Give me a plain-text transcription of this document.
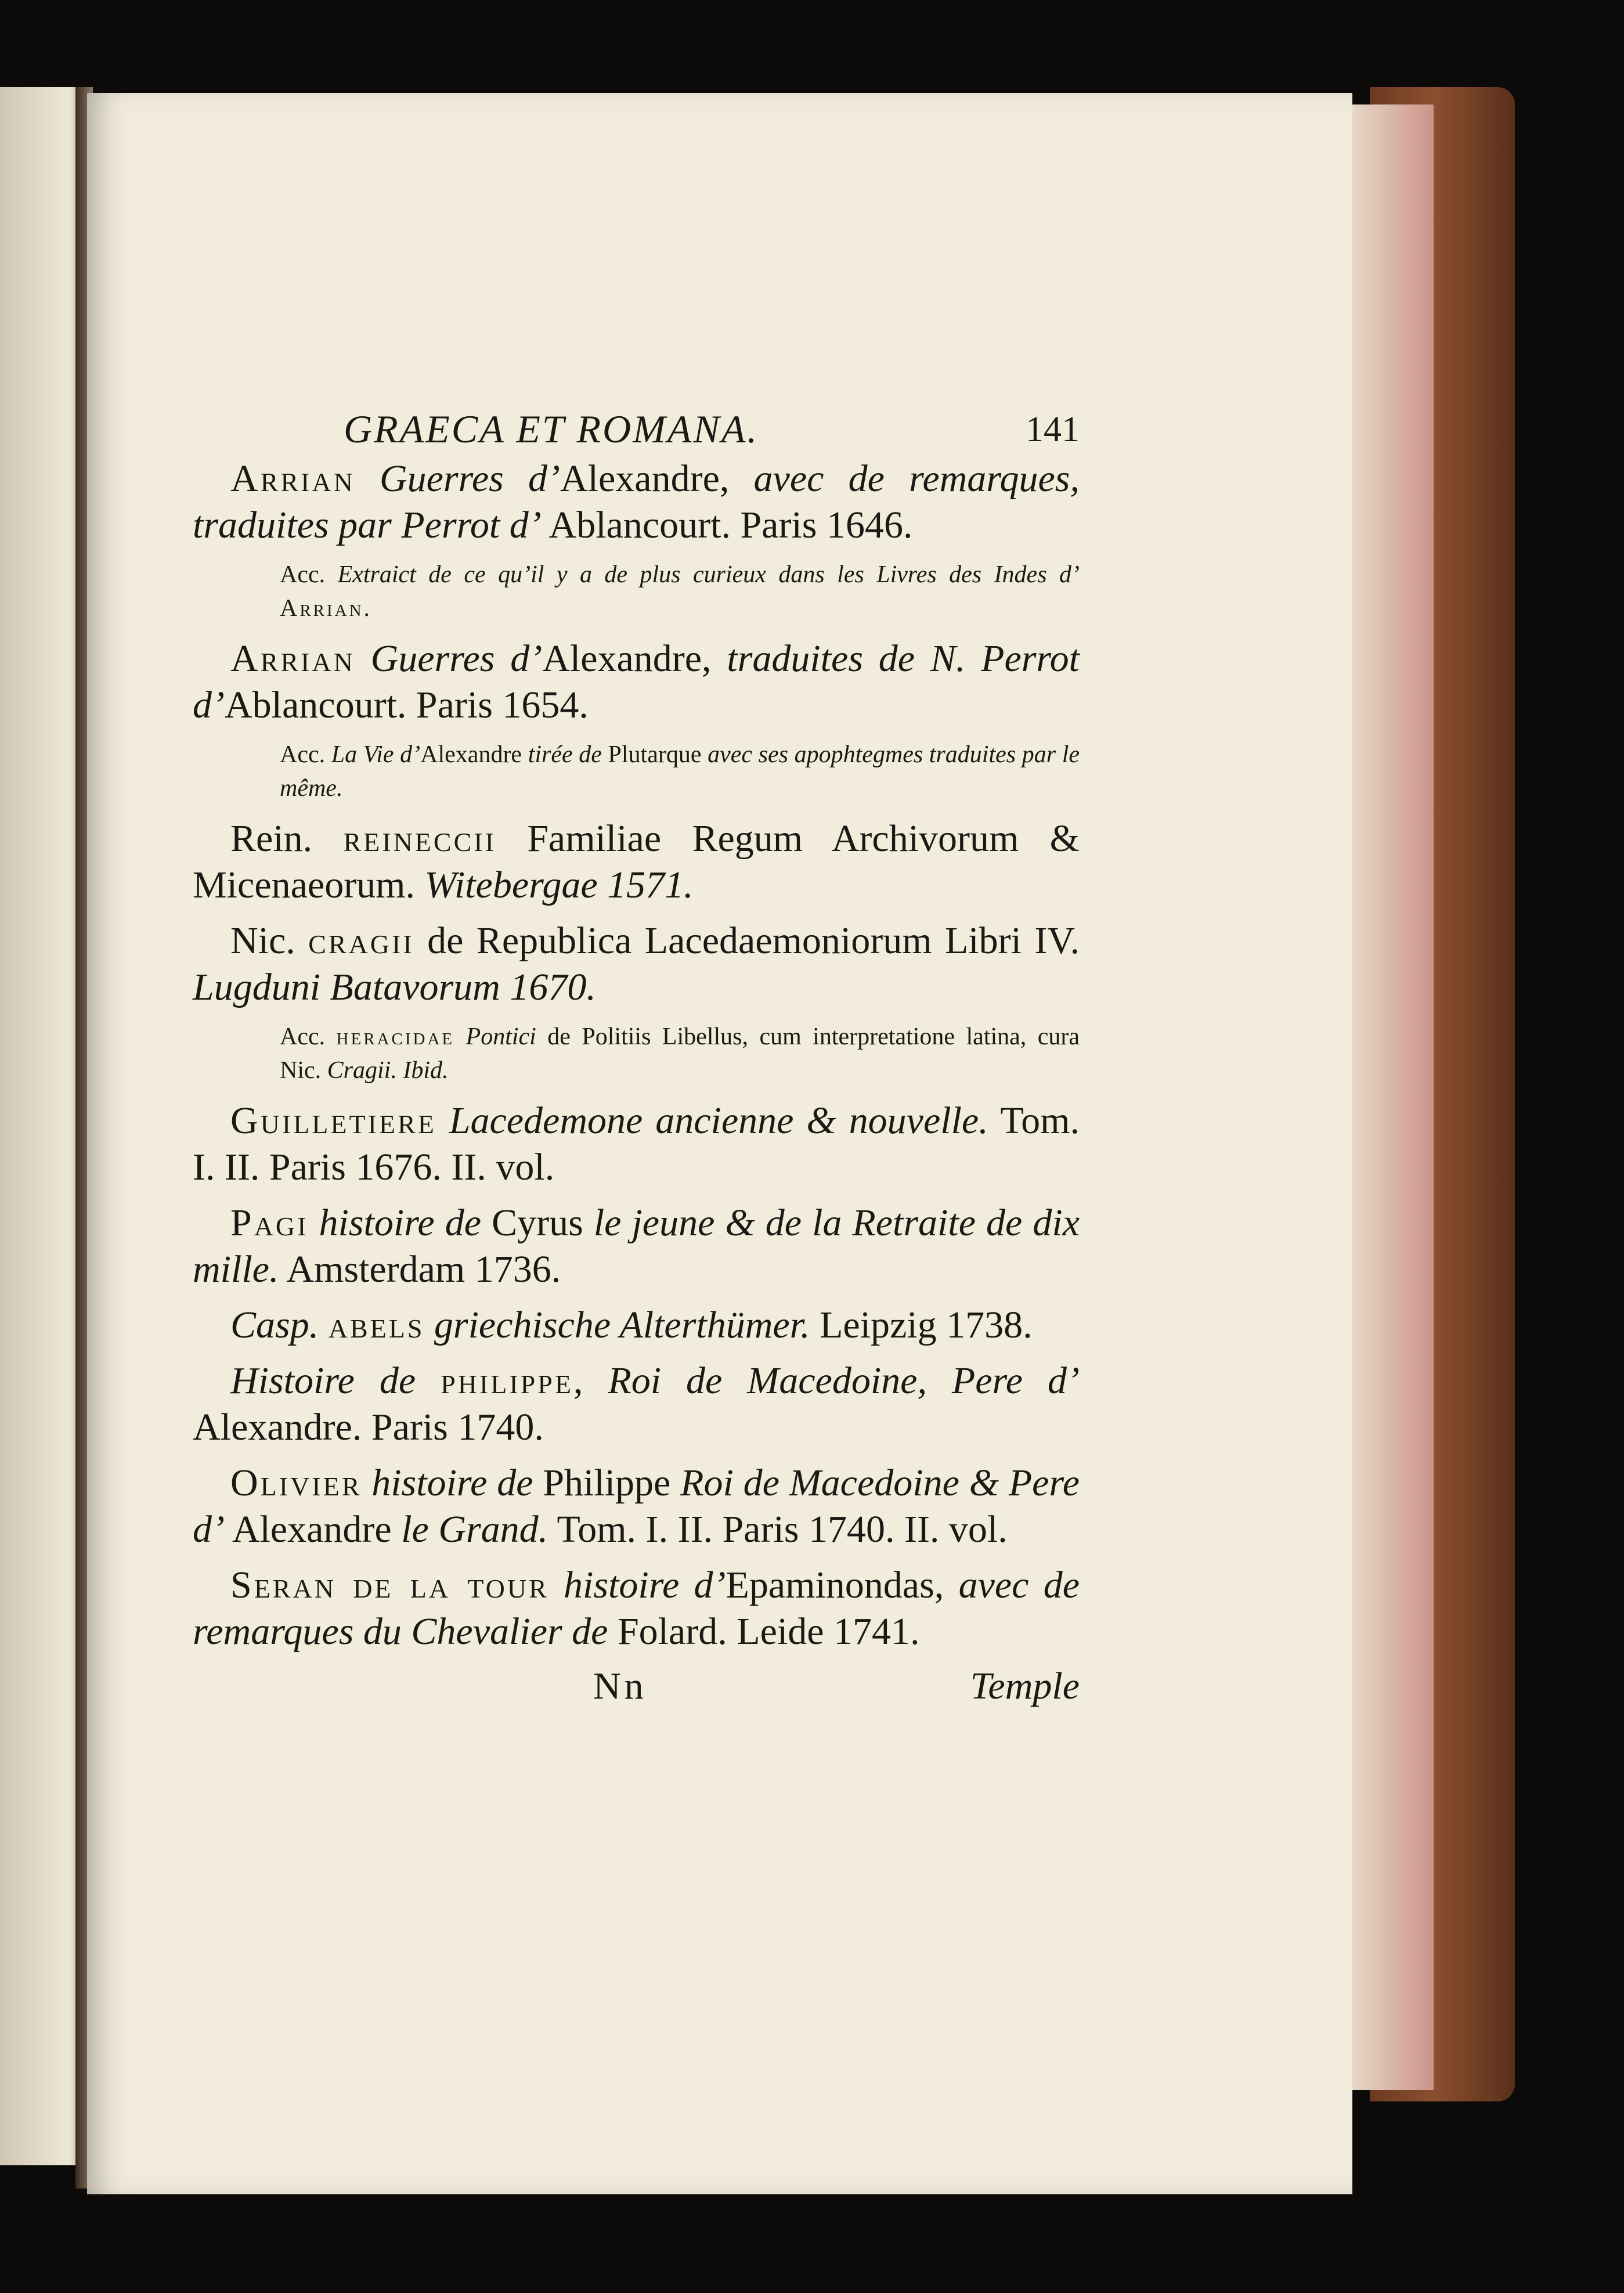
GRAECA ET ROMANA.	141

Arrian Guerres d’Alexandre, avec de remarques, traduites par Perrot d’ Ablancourt. Paris 1646.

Acc. Extraict de ce qu’il y a de plus curieux dans les Livres des Indes d’ Arrian.

Arrian Guerres d’Alexandre, traduites de N. Perrot d’Ablancourt. Paris 1654.

Acc. La Vie d’Alexandre tirée de Plutarque avec ses apophtegmes traduites par le même.

Rein. reineccii Familiae Regum Archivorum & Micenaeorum. Witebergae 1571.

Nic. cragii de Republica Lacedaemoniorum Libri IV. Lugduni Batavorum 1670.

Acc. heracidae Pontici de Politiis Libellus, cum interpretatione latina, cura Nic. Cragii. Ibid.

Guilletiere Lacedemone ancienne & nouvelle. Tom. I. II. Paris 1676. II. vol.

Pagi histoire de Cyrus le jeune & de la Retraite de dix mille. Amsterdam 1736.

Casp. abels griechische Alterthümer. Leipzig 1738.

Histoire de philippe, Roi de Macedoine, Pere d’ Alexandre. Paris 1740.

Olivier histoire de Philippe Roi de Macedoine & Pere d’ Alexandre le Grand. Tom. I. II. Paris 1740. II. vol.

Seran de la tour histoire d’Epaminondas, avec de remarques du Chevalier de Folard. Leide 1741.

Nn	Temple
